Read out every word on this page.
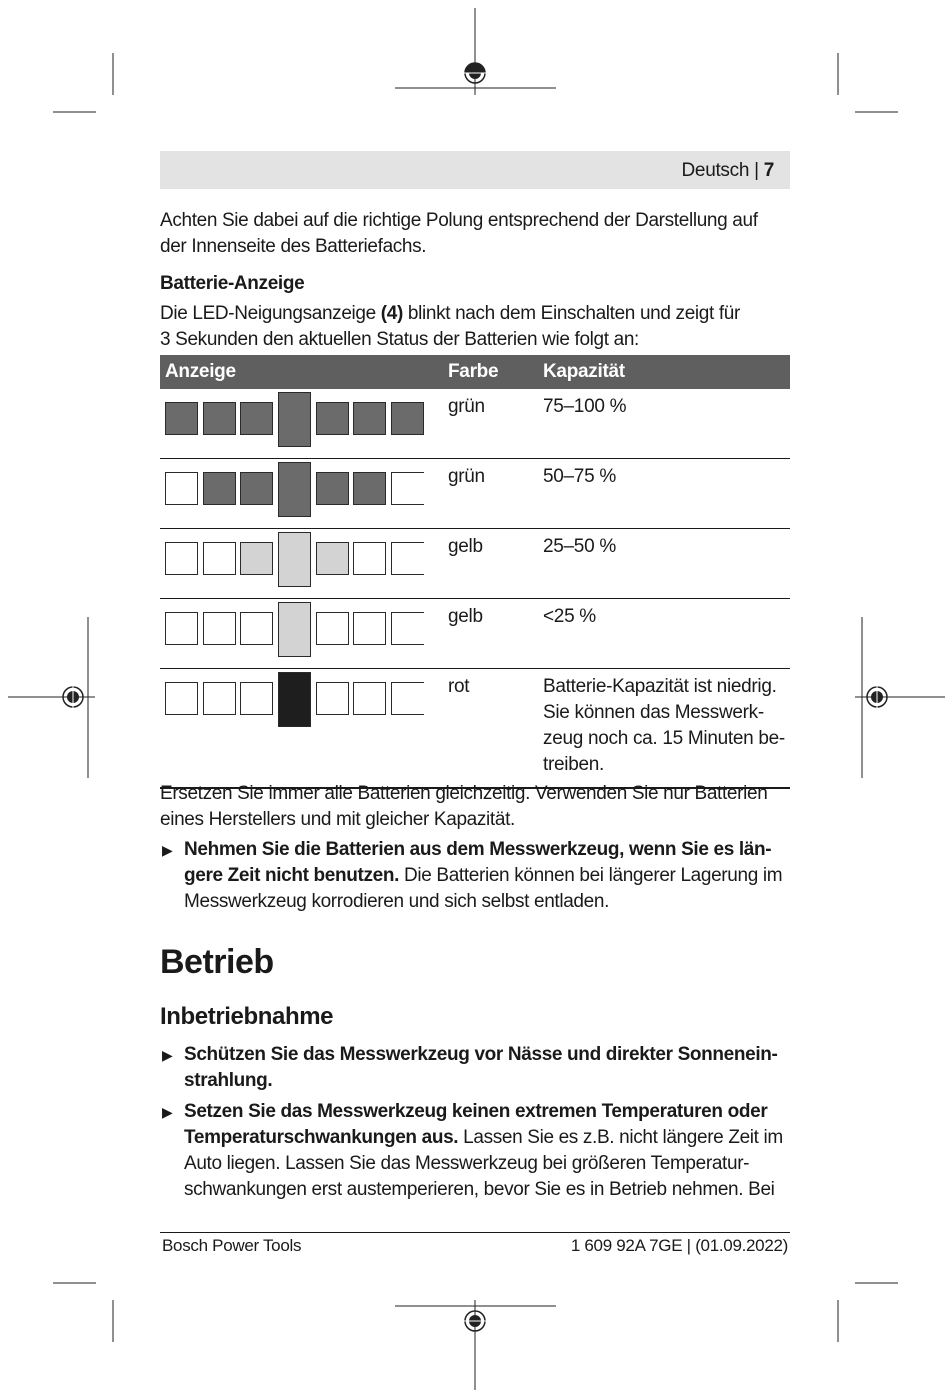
Deutsch | 7
Achten Sie dabei auf die richtige Polung entsprechend der Darstellung auf
der Innenseite des Batteriefachs.
Batterie-Anzeige
Die LED-Neigungsanzeige (4) blinkt nach dem Einschalten und zeigt für
3 Sekunden den aktuellen Status der Batterien wie folgt an:
Anzeige	Farbe	Kapazität

	grün	75–100 %

	grün	50–75 %

	gelb	25–50 %

	gelb	<25 %

	rot	Batterie-Kapazität ist niedrig.
Sie können das Messwerk-
zeug noch ca. 15 Minuten be-
treiben.
Ersetzen Sie immer alle Batterien gleichzeitig. Verwenden Sie nur Batterien
eines Herstellers und mit gleicher Kapazität.
▶ Nehmen Sie die Batterien aus dem Messwerkzeug, wenn Sie es län-
gere Zeit nicht benutzen. Die Batterien können bei längerer Lagerung im
Messwerkzeug korrodieren und sich selbst entladen.
Betrieb
Inbetriebnahme
▶ Schützen Sie das Messwerkzeug vor Nässe und direkter Sonnenein-
strahlung.
▶ Setzen Sie das Messwerkzeug keinen extremen Temperaturen oder
Temperaturschwankungen aus. Lassen Sie es z.B. nicht längere Zeit im
Auto liegen. Lassen Sie das Messwerkzeug bei größeren Temperatur-
schwankungen erst austemperieren, bevor Sie es in Betrieb nehmen. Bei
Bosch Power Tools	1 609 92A 7GE | (01.09.2022)
